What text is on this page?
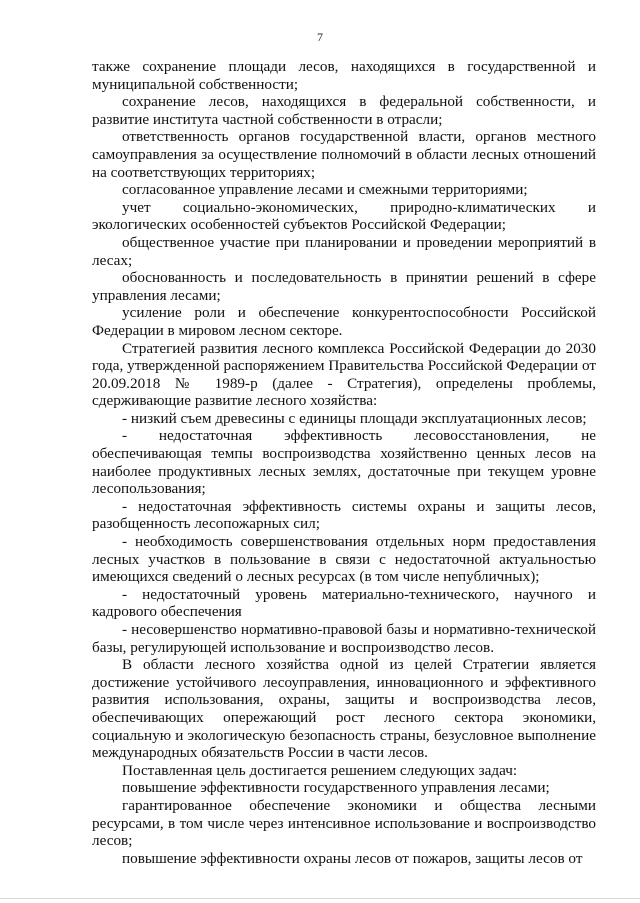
7

также сохранение площади лесов, находящихся в государственной и муниципальной собственности;

сохранение лесов, находящихся в федеральной собственности, и развитие института частной собственности в отрасли;

ответственность органов государственной власти, органов местного самоуправления за осуществление полномочий в области лесных отношений на соответствующих территориях;

согласованное управление лесами и смежными территориями;

учет социально-экономических, природно-климатических и экологических особенностей субъектов Российской Федерации;

общественное участие при планировании и проведении мероприятий в лесах;

обоснованность и последовательность в принятии решений в сфере управления лесами;

усиление роли и обеспечение конкурентоспособности Российской Федерации в мировом лесном секторе.

Стратегией развития лесного комплекса Российской Федерации до 2030 года, утвержденной распоряжением Правительства Российской Федерации от 20.09.2018 № 1989-р (далее - Стратегия), определены проблемы, сдерживающие развитие лесного хозяйства:

- низкий съем древесины с единицы площади эксплуатационных лесов;

- недостаточная эффективность лесовосстановления, не обеспечивающая темпы воспроизводства хозяйственно ценных лесов на наиболее продуктивных лесных землях, достаточные при текущем уровне лесопользования;

- недостаточная эффективность системы охраны и защиты лесов, разобщенность лесопожарных сил;

- необходимость совершенствования отдельных норм предоставления лесных участков в пользование в связи с недостаточной актуальностью имеющихся сведений о лесных ресурсах (в том числе непубличных);

- недостаточный уровень материально-технического, научного и кадрового обеспечения

- несовершенство нормативно-правовой базы и нормативно-технической базы, регулирующей использование и воспроизводство лесов.

В области лесного хозяйства одной из целей Стратегии является достижение устойчивого лесоуправления, инновационного и эффективного развития использования, охраны, защиты и воспроизводства лесов, обеспечивающих опережающий рост лесного сектора экономики, социальную и экологическую безопасность страны, безусловное выполнение международных обязательств России в части лесов.

Поставленная цель достигается решением следующих задач:

повышение эффективности государственного управления лесами;

гарантированное обеспечение экономики и общества лесными ресурсами, в том числе через интенсивное использование и воспроизводство лесов;

повышение эффективности охраны лесов от пожаров, защиты лесов от
